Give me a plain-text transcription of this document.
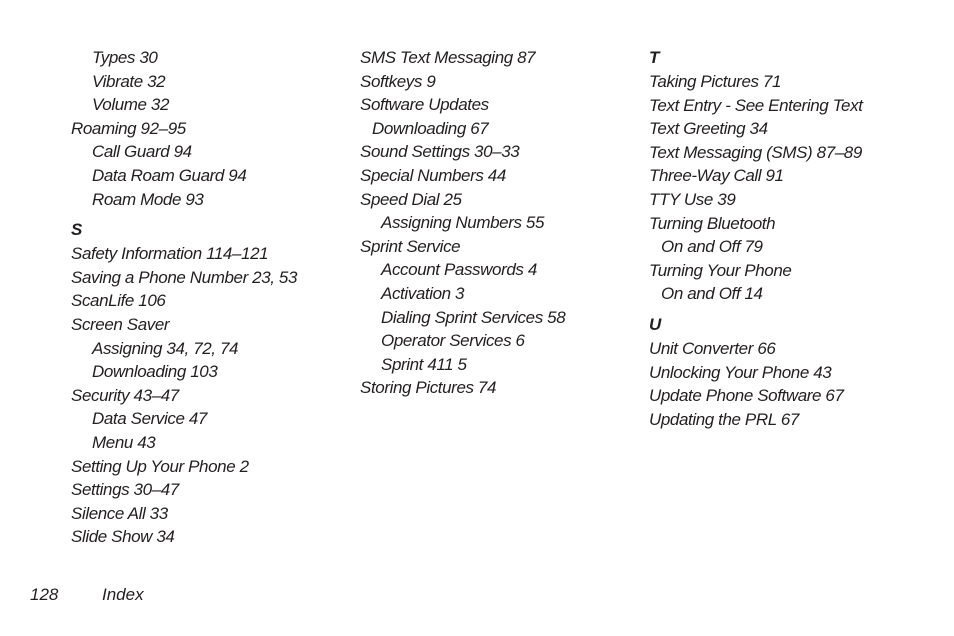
Types 30
Vibrate 32
Volume 32
Roaming 92–95
Call Guard 94
Data Roam Guard 94
Roam Mode 93
S
Safety Information 114–121
Saving a Phone Number 23, 53
ScanLife 106
Screen Saver
Assigning 34, 72, 74
Downloading 103
Security 43–47
Data Service 47
Menu 43
Setting Up Your Phone 2
Settings 30–47
Silence All 33
Slide Show 34
SMS Text Messaging 87
Softkeys 9
Software Updates
Downloading 67
Sound Settings 30–33
Special Numbers 44
Speed Dial 25
Assigning Numbers 55
Sprint Service
Account Passwords 4
Activation 3
Dialing Sprint Services 58
Operator Services 6
Sprint 411 5
Storing Pictures 74
T
Taking Pictures 71
Text Entry - See Entering Text
Text Greeting 34
Text Messaging (SMS) 87–89
Three-Way Call 91
TTY Use 39
Turning Bluetooth
On and Off 79
Turning Your Phone
On and Off 14
U
Unit Converter 66
Unlocking Your Phone 43
Update Phone Software 67
Updating the PRL 67
128	Index
